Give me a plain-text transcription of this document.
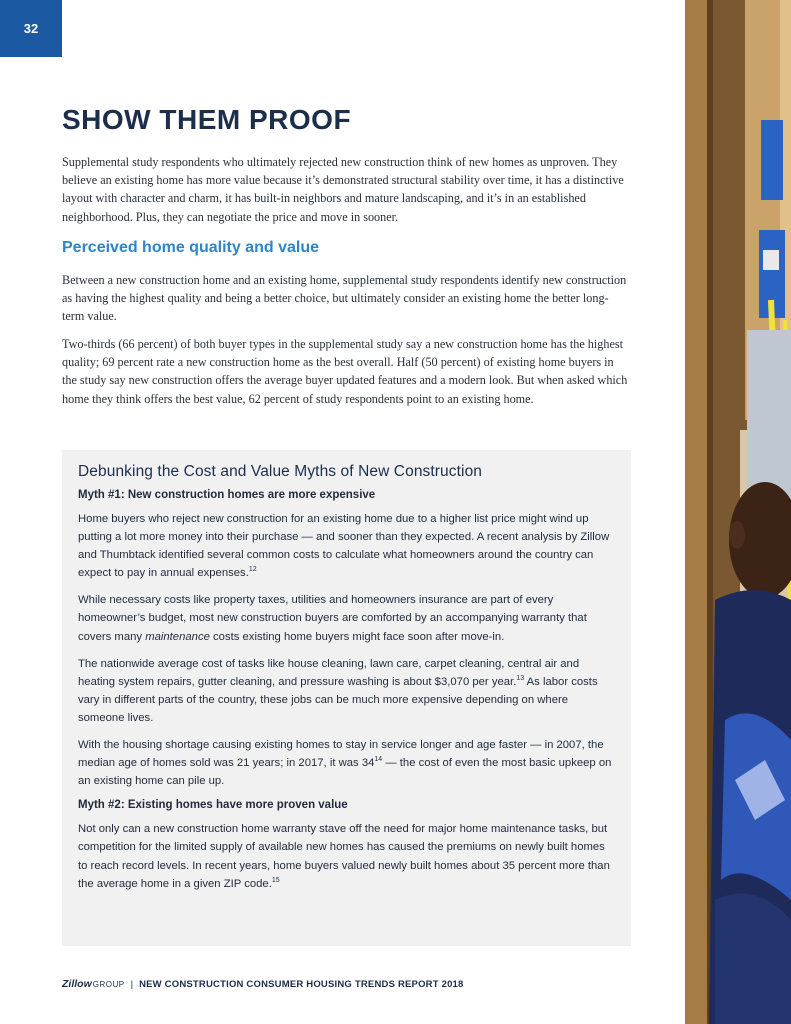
32
SHOW THEM PROOF

Supplemental study respondents who ultimately rejected new construction think of new homes as unproven. They believe an existing home has more value because it’s demonstrated structural stability over time, it has a distinctive layout with character and charm, it has built-in neighbors and mature landscaping, and it’s in an established neighborhood. Plus, they can negotiate the price and move in sooner.

Perceived home quality and value

Between a new construction home and an existing home, supplemental study respondents identify new construction as having the highest quality and being a better choice, but ultimately consider an existing home the better long-term value.

Two-thirds (66 percent) of both buyer types in the supplemental study say a new construction home has the highest quality; 69 percent rate a new construction home as the best overall. Half (50 percent) of existing home buyers in the study say new construction offers the average buyer updated features and a modern look. But when asked which home they think offers the best value, 62 percent of study respondents point to an existing home.

Debunking the Cost and Value Myths of New Construction

Myth #1: New construction homes are more expensive

Home buyers who reject new construction for an existing home due to a higher list price might wind up putting a lot more money into their purchase — and sooner than they expected. A recent analysis by Zillow and Thumbtack identified several common costs to calculate what homeowners around the country can expect to pay in annual expenses.$^{12}$

While necessary costs like property taxes, utilities and homeowners insurance are part of every homeowner’s budget, most new construction buyers are comforted by an accompanying warranty that covers many maintenance costs existing home buyers might face soon after move-in.

The nationwide average cost of tasks like house cleaning, lawn care, carpet cleaning, central air and heating system repairs, gutter cleaning, and pressure washing is about $3,070 per year.$^{13}$ As labor costs vary in different parts of the country, these jobs can be much more expensive depending on where someone lives.

With the housing shortage causing existing homes to stay in service longer and age faster — in 2007, the median age of homes sold was 21 years; in 2017, it was $34^{14}$ — the cost of even the most basic upkeep on an existing home can pile up.

Myth #2: Existing homes have more proven value

Not only can a new construction home warranty stave off the need for major home maintenance tasks, but competition for the limited supply of available new homes has caused the premiums on newly built homes to reach record levels. In recent years, home buyers valued newly built homes about 35 percent more than the average home in a given ZIP code.$^{15}$

Zillow GROUP | NEW CONSTRUCTION CONSUMER HOUSING TRENDS REPORT 2018
